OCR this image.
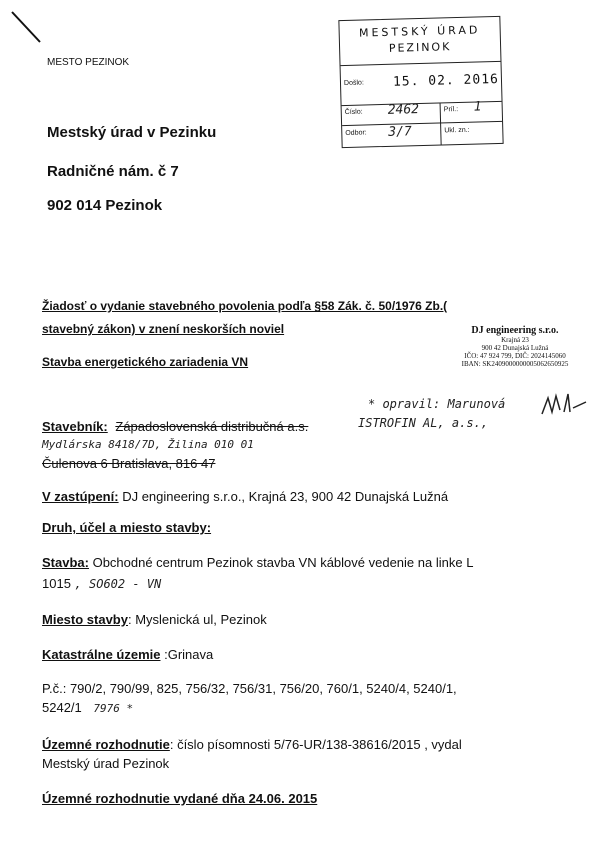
MESTO PEZINOK
MESTSKÝ ÚRAD
PEZINOK
Došlo: 15. 02. 2016
Číslo: 2462	Príl.: 1
Odbor: 3/7	Ukl. zn.:
Mestský úrad v Pezinku
Radničné nám. č 7
902 014 Pezinok
Žiadosť o vydanie stavebného povolenia podľa §58 Zák. č. 50/1976 Zb.(
stavebný zákon) v znení neskorších noviel
Stavba energetického zariadenia VN
DJ engineering s.r.o.
Krajná 23
900 42 Dunajská Lužná
IČO: 47 924 799, DIČ: 2024145060
IBAN: SK2409000000005062650925
* opravil: Marunová
Stavebník: Západoslovenská distribučná a.s.	ISTROFIN AL, a.s.,
Mydlárska 8418/7D, Žilina 010 01
Čulenova 6 Bratislava, 816 47
V zastúpení: DJ engineering s.r.o., Krajná 23, 900 42 Dunajská Lužná
Druh, účel a miesto stavby:
Stavba: Obchodné centrum Pezinok stavba VN káblové vedenie na linke L
1015 , SO602 - VN
Miesto stavby: Myslenická ul, Pezinok
Katastrálne územie :Grinava
P.č.: 790/2, 790/99, 825, 756/32, 756/31, 756/20, 760/1, 5240/4, 5240/1,
5242/1 7976 *
Územné rozhodnutie: číslo písomnosti 5/76-UR/138-38616/2015 , vydal
Mestský úrad Pezinok
Územné rozhodnutie vydané dňa 24.06. 2015
